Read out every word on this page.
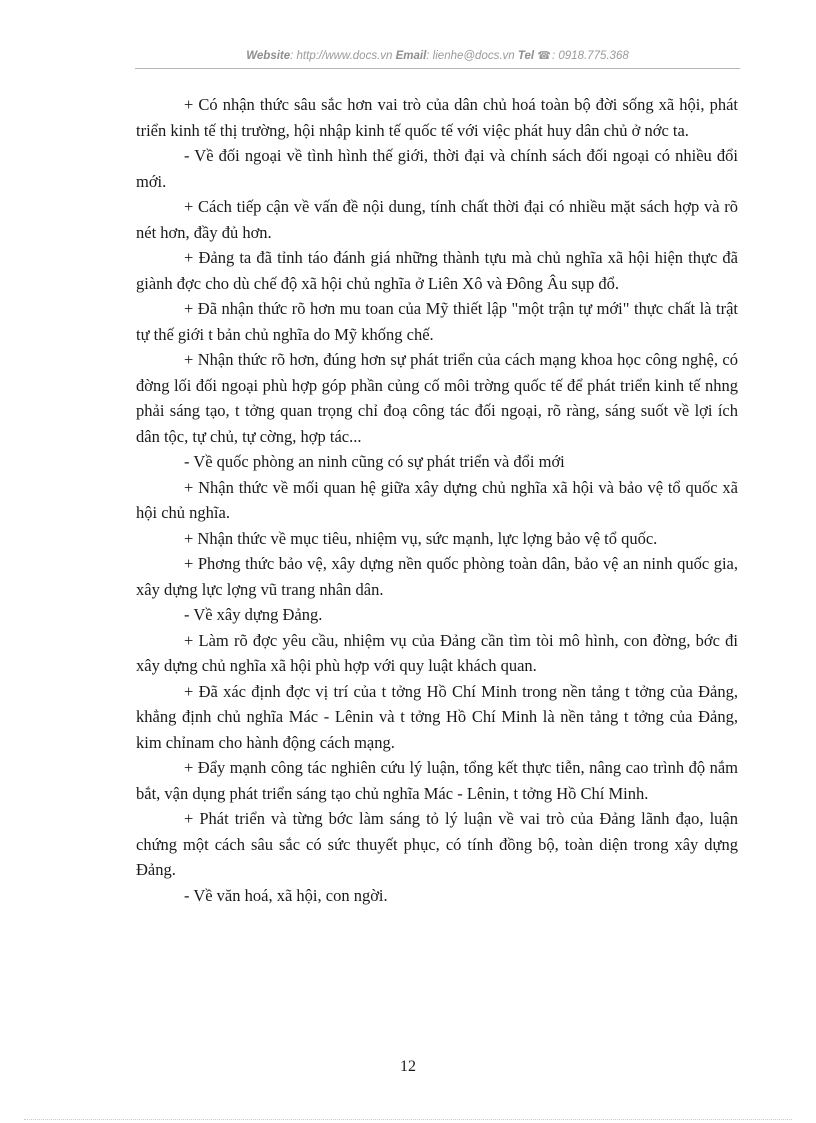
Website: http://www.docs.vn Email: lienhe@docs.vn Tel ☎: 0918.775.368

+ Có nhận thức sâu sắc hơn vai trò của dân chủ hoá toàn bộ đời sống xã hội, phát triển kinh tế thị trường, hội nhập kinh tế quốc tế với việc phát huy dân chủ ở nớc ta.

- Về đối ngoại về tình hình thế giới, thời đại và chính sách đối ngoại có nhiều đổi mới.

+ Cách tiếp cận về vấn đề nội dung, tính chất thời đại có nhiều mặt sách hợp và rõ nét hơn, đầy đủ hơn.

+ Đảng ta đã tỉnh táo đánh giá những thành tựu mà chủ nghĩa xã hội hiện thực đã giành đợc cho dù chế độ xã hội chủ nghĩa ở Liên Xô và Đông Âu sụp đổ.

+ Đã nhận thức rõ hơn mu toan của Mỹ thiết lập "một trận tự mới" thực chất là trật tự thế giới t bản chủ nghĩa do Mỹ khống chế.

+ Nhận thức rõ hơn, đúng hơn sự phát triển của cách mạng khoa học công nghệ, có đờng lối đối ngoại phù hợp góp phần củng cố môi trờng quốc tế để phát triển kinh tế nhng phải sáng tạo, t tởng quan trọng chỉ đoạ công tác đối ngoại, rõ ràng, sáng suốt về lợi ích dân tộc, tự chủ, tự cờng, hợp tác...

- Về quốc phòng an ninh cũng có sự phát triển và đổi mới

+ Nhận thức về mối quan hệ giữa xây dựng chủ nghĩa xã hội và bảo vệ tổ quốc xã hội chủ nghĩa.

+ Nhận thức về mục tiêu, nhiệm vụ, sức mạnh, lực lợng bảo vệ tổ quốc.

+ Phơng thức bảo vệ, xây dựng nền quốc phòng toàn dân, bảo vệ an ninh quốc gia, xây dựng lực lợng vũ trang nhân dân.

- Về xây dựng Đảng.

+ Làm rõ đợc yêu cầu, nhiệm vụ của Đảng cần tìm tòi mô hình, con đờng, bớc đi xây dựng chủ nghĩa xã hội phù hợp với quy luật khách quan.

+ Đã xác định đợc vị trí của t tởng Hồ Chí Minh trong nền tảng t tởng của Đảng, khẳng định chủ nghĩa Mác - Lênin và t tởng Hồ Chí Minh là nền tảng t tởng của Đảng, kim chỉnam cho hành động cách mạng.

+ Đẩy mạnh công tác nghiên cứu lý luận, tổng kết thực tiễn, nâng cao trình độ nắm bắt, vận dụng phát triển sáng tạo chủ nghĩa Mác - Lênin, t tởng Hồ Chí Minh.

+ Phát triển và từng bớc làm sáng tỏ lý luận về vai trò của Đảng lãnh đạo, luận chứng một cách sâu sắc có sức thuyết phục, có tính đồng bộ, toàn diện trong xây dựng Đảng.

- Về văn hoá, xã hội, con ngời.

12
